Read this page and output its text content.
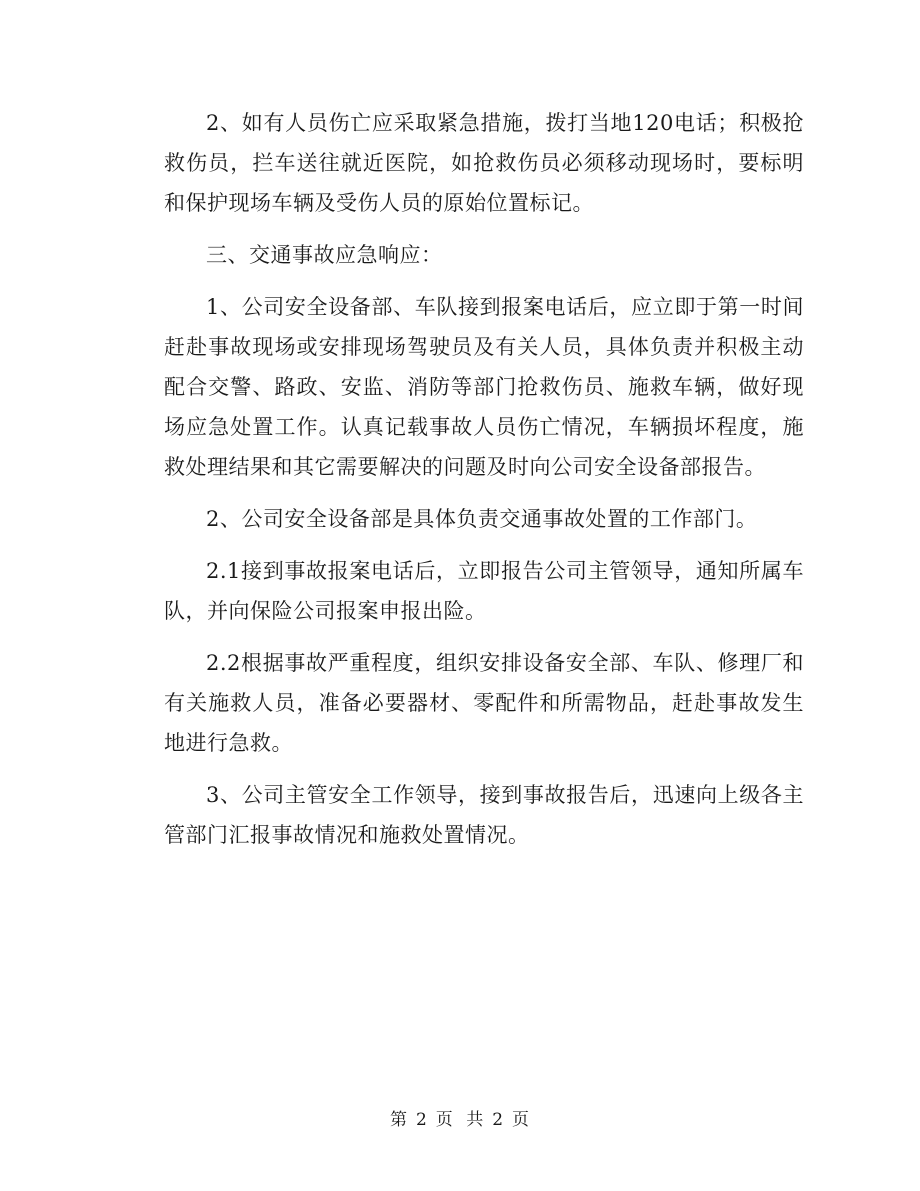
2、如有人员伤亡应采取紧急措施，拨打当地120电话；积极抢救伤员，拦车送往就近医院，如抢救伤员必须移动现场时，要标明和保护现场车辆及受伤人员的原始位置标记。

三、交通事故应急响应：

1、公司安全设备部、车队接到报案电话后，应立即于第一时间赶赴事故现场或安排现场驾驶员及有关人员，具体负责并积极主动配合交警、路政、安监、消防等部门抢救伤员、施救车辆，做好现场应急处置工作。认真记载事故人员伤亡情况，车辆损坏程度，施救处理结果和其它需要解决的问题及时向公司安全设备部报告。

2、公司安全设备部是具体负责交通事故处置的工作部门。

2.1接到事故报案电话后，立即报告公司主管领导，通知所属车队，并向保险公司报案申报出险。

2.2根据事故严重程度，组织安排设备安全部、车队、修理厂和有关施救人员，准备必要器材、零配件和所需物品，赶赴事故发生地进行急救。

3、公司主管安全工作领导，接到事故报告后，迅速向上级各主管部门汇报事故情况和施救处置情况。

第 2 页 共 2 页
